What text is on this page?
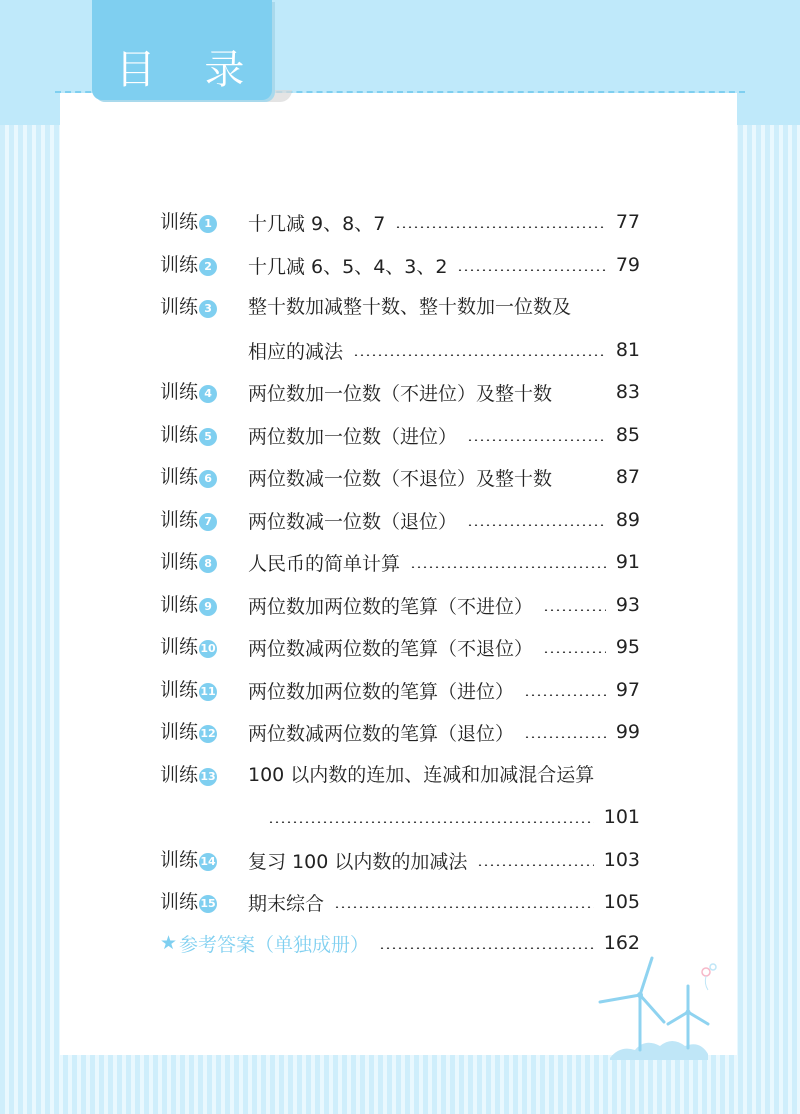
目 录
训练 1 十几减 9、8、7	77
训练 2 十几减 6、5、4、3、2	79
训练 3 整十数加减整十数、整十数加一位数及
相应的减法	81
训练 4 两位数加一位数（不进位）及整十数	83
训练 5 两位数加一位数（进位）	85
训练 6 两位数减一位数（不退位）及整十数	87
训练 7 两位数减一位数（退位）	89
训练 8 人民币的简单计算	91
训练 9 两位数加两位数的笔算（不进位）	93
训练 10 两位数减两位数的笔算（不退位）	95
训练 11 两位数加两位数的笔算（进位）	97
训练 12 两位数减两位数的笔算（退位）	99
训练 13 100 以内数的连加、连减和加减混合运算
101
训练 14 复习 100 以内数的加减法	103
训练 15 期末综合	105
★ 参考答案（单独成册）	162
